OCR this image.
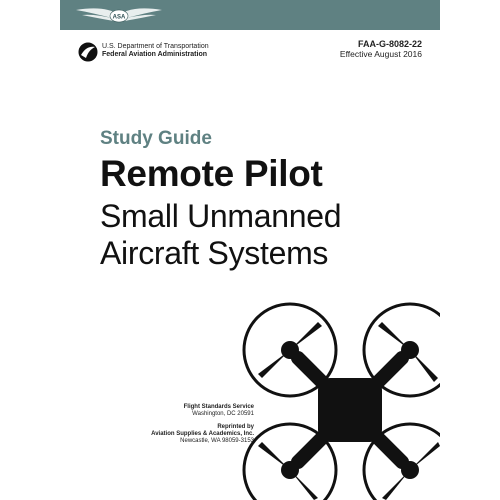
ASA
U.S. Department of Transportation
Federal Aviation Administration
FAA-G-8082-22
Effective August 2016
Study Guide
Remote Pilot
Small Unmanned
Aircraft Systems
Flight Standards Service
Washington, DC 20591
Reprinted by
Aviation Supplies & Academics, Inc.
Newcastle, WA 98059-3153
